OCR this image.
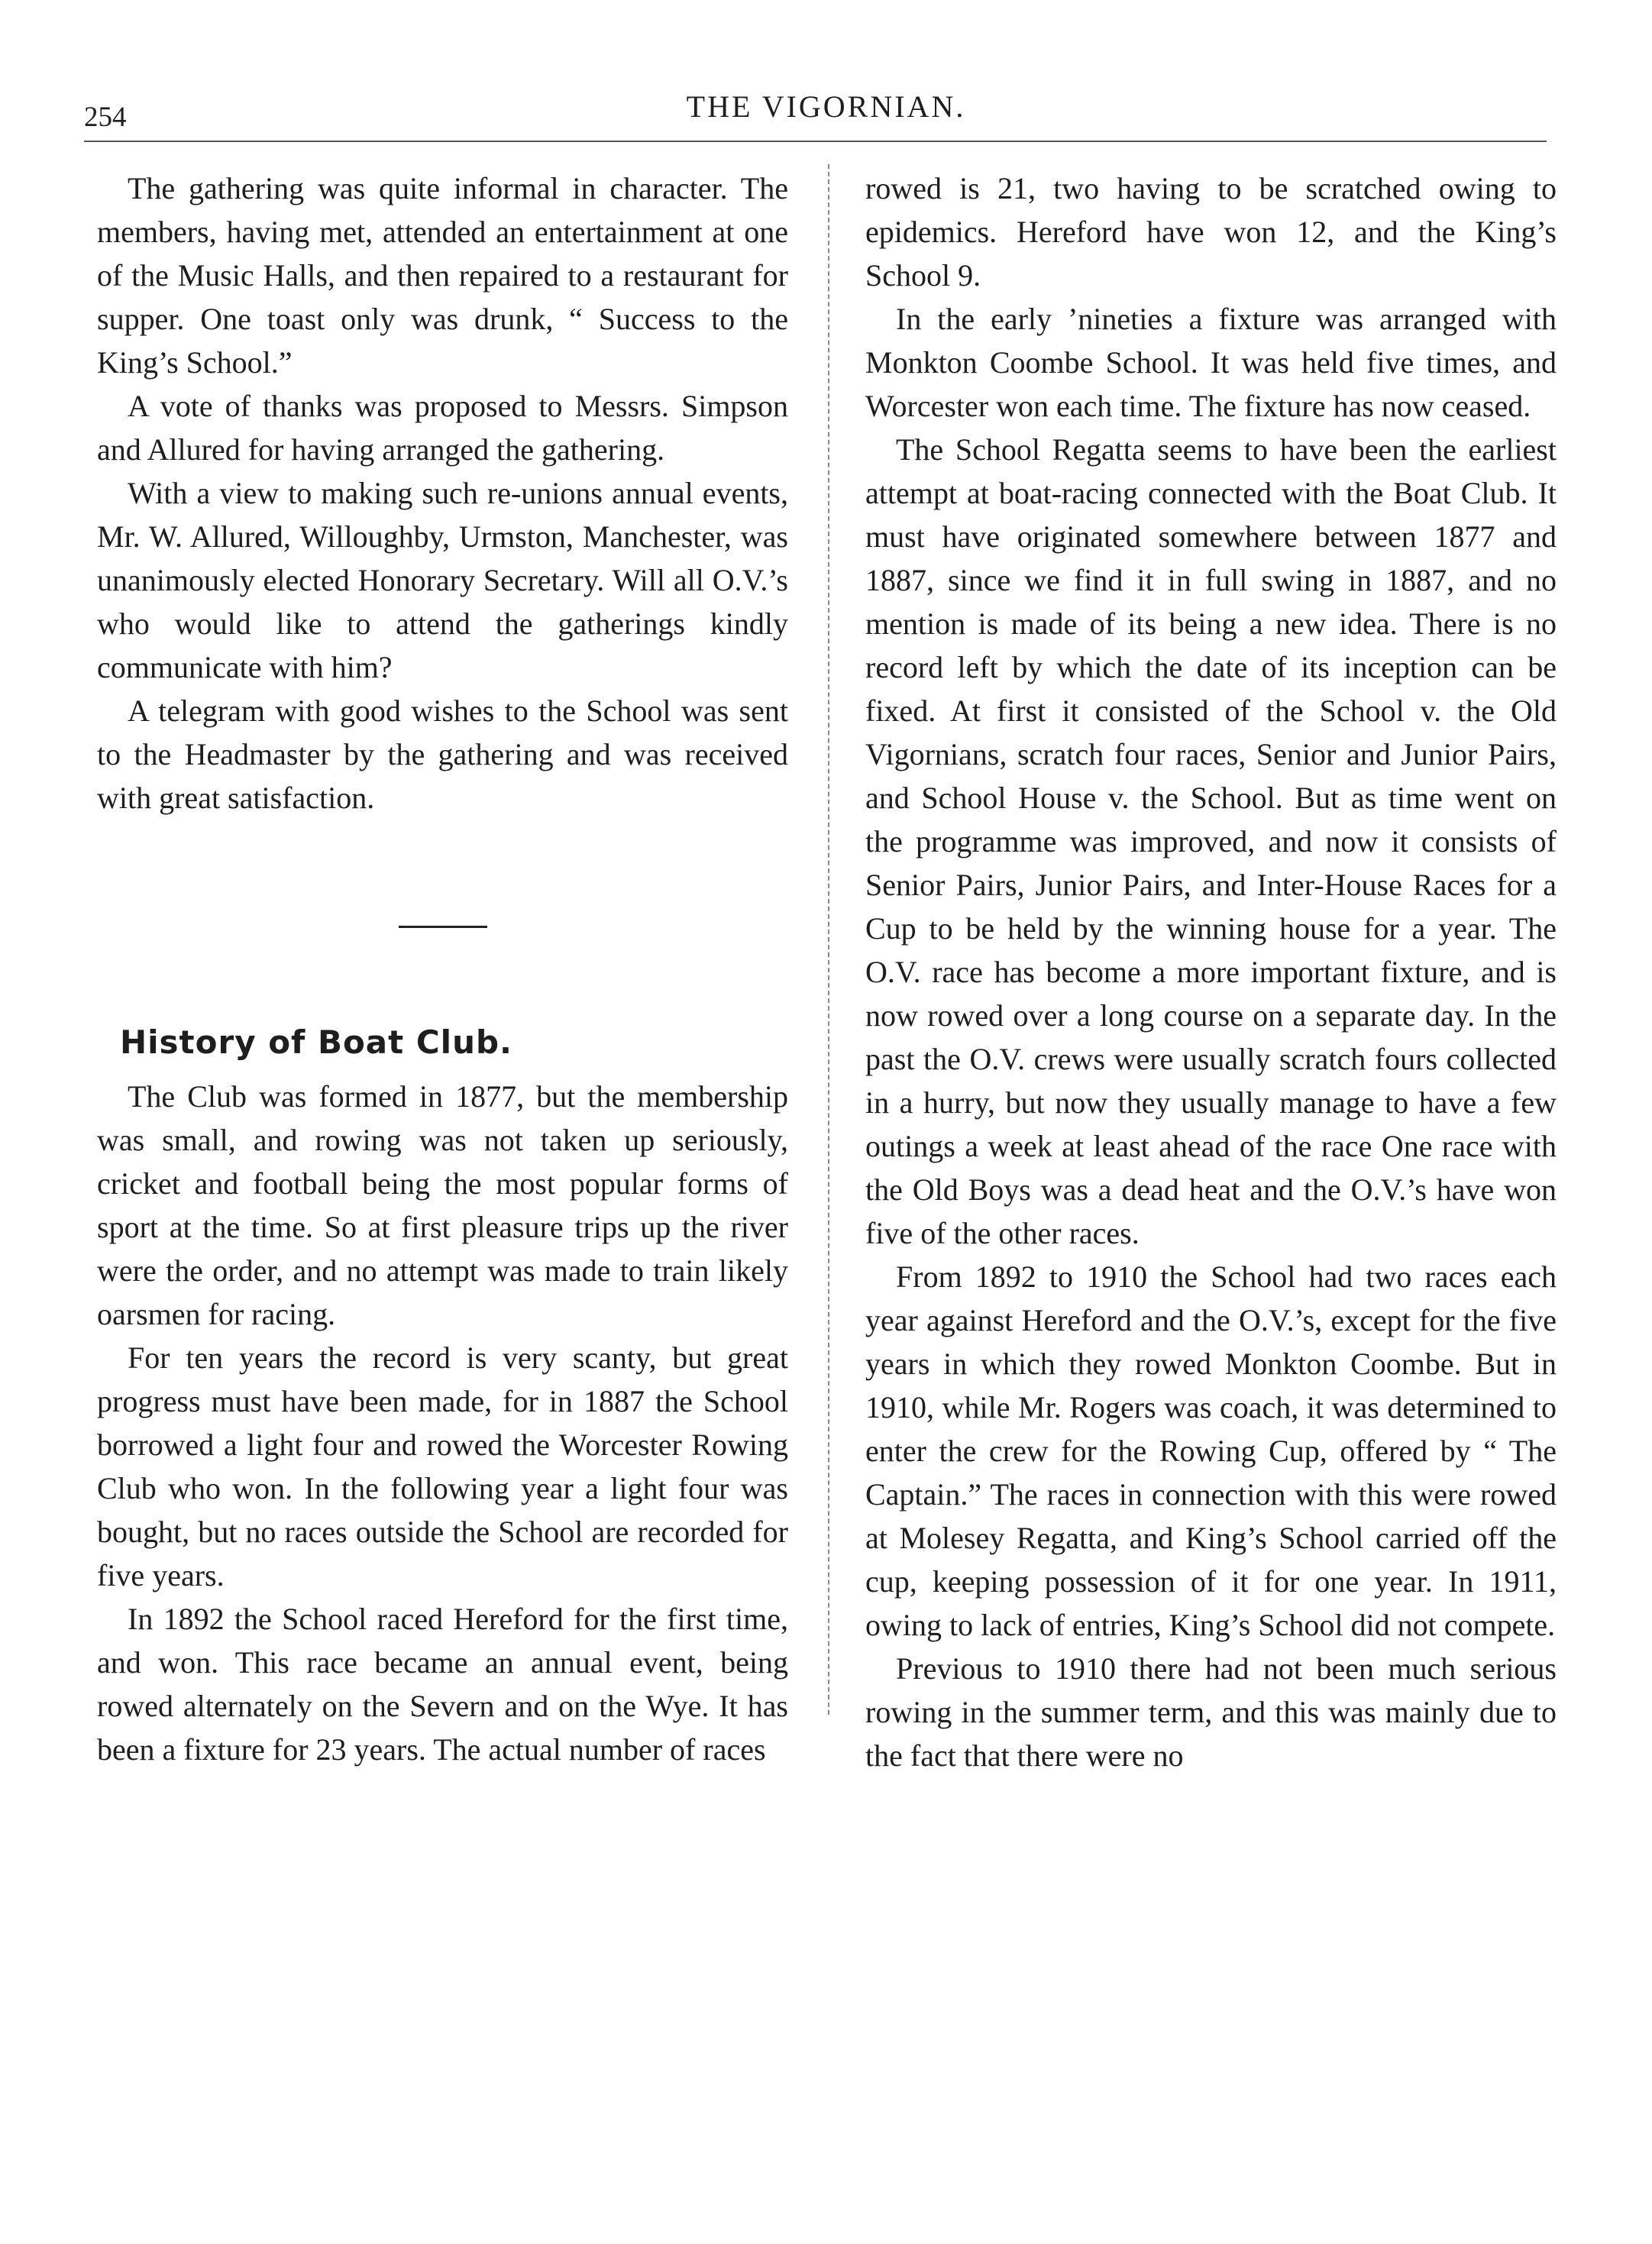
254	THE VIGORNIAN.

The gathering was quite informal in character. The members, having met, attended an entertainment at one of the Music Halls, and then repaired to a restaurant for supper. One toast only was drunk, “ Success to the King’s School.”

A vote of thanks was proposed to Messrs. Simpson and Allured for having arranged the gathering.

With a view to making such re-unions annual events, Mr. W. Allured, Willoughby, Urmston, Manchester, was unanimously elected Honorary Secretary. Will all O.V.’s who would like to attend the gatherings kindly communicate with him?

A telegram with good wishes to the School was sent to the Headmaster by the gathering and was received with great satisfaction.

History of Boat Club.

The Club was formed in 1877, but the membership was small, and rowing was not taken up seriously, cricket and football being the most popular forms of sport at the time. So at first pleasure trips up the river were the order, and no attempt was made to train likely oarsmen for racing.

For ten years the record is very scanty, but great progress must have been made, for in 1887 the School borrowed a light four and rowed the Worcester Rowing Club who won. In the following year a light four was bought, but no races outside the School are recorded for five years.

In 1892 the School raced Hereford for the first time, and won. This race became an annual event, being rowed alternately on the Severn and on the Wye. It has been a fixture for 23 years. The actual number of races

rowed is 21, two having to be scratched owing to epidemics. Hereford have won 12, and the King’s School 9.

In the early ’nineties a fixture was arranged with Monkton Coombe School. It was held five times, and Worcester won each time. The fixture has now ceased.

The School Regatta seems to have been the earliest attempt at boat-racing connected with the Boat Club. It must have originated somewhere between 1877 and 1887, since we find it in full swing in 1887, and no mention is made of its being a new idea. There is no record left by which the date of its inception can be fixed. At first it consisted of the School v. the Old Vigornians, scratch four races, Senior and Junior Pairs, and School House v. the School. But as time went on the programme was improved, and now it consists of Senior Pairs, Junior Pairs, and Inter-House Races for a Cup to be held by the winning house for a year. The O.V. race has become a more important fixture, and is now rowed over a long course on a separate day. In the past the O.V. crews were usually scratch fours collected in a hurry, but now they usually manage to have a few outings a week at least ahead of the race One race with the Old Boys was a dead heat and the O.V.’s have won five of the other races.

From 1892 to 1910 the School had two races each year against Hereford and the O.V.’s, except for the five years in which they rowed Monkton Coombe. But in 1910, while Mr. Rogers was coach, it was determined to enter the crew for the Rowing Cup, offered by “ The Captain.” The races in connection with this were rowed at Molesey Regatta, and King’s School carried off the cup, keeping possession of it for one year. In 1911, owing to lack of entries, King’s School did not compete.

Previous to 1910 there had not been much serious rowing in the summer term, and this was mainly due to the fact that there were no
